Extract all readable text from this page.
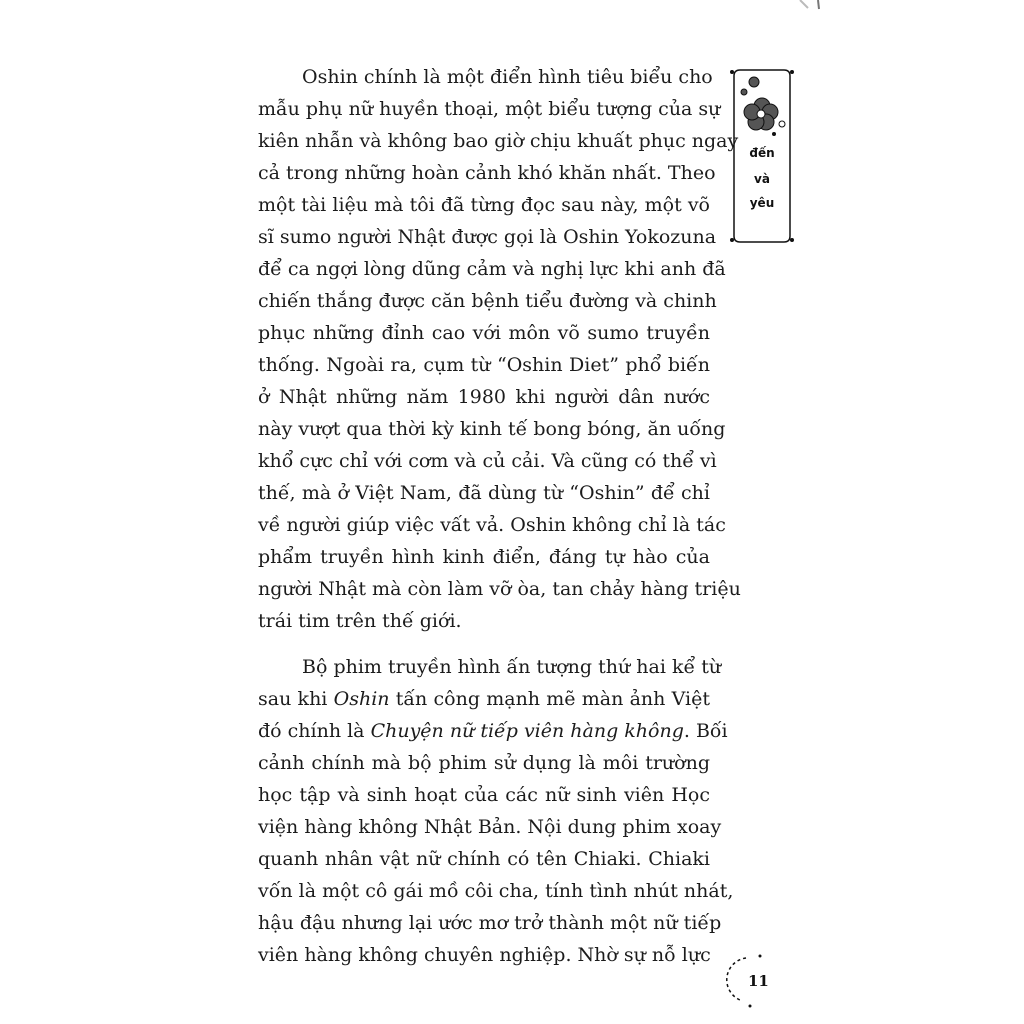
Oshin chính là một điển hình tiêu biểu cho
mẫu phụ nữ huyền thoại, một biểu tượng của sự
kiên nhẫn và không bao giờ chịu khuất phục ngay
cả trong những hoàn cảnh khó khăn nhất. Theo
một tài liệu mà tôi đã từng đọc sau này, một võ
sĩ sumo người Nhật được gọi là Oshin Yokozuna
để ca ngợi lòng dũng cảm và nghị lực khi anh đã
chiến thắng được căn bệnh tiểu đường và chinh
phục những đỉnh cao với môn võ sumo truyền
thống. Ngoài ra, cụm từ “Oshin Diet” phổ biến
ở Nhật những năm 1980 khi người dân nước
này vượt qua thời kỳ kinh tế bong bóng, ăn uống
khổ cực chỉ với cơm và củ cải. Và cũng có thể vì
thế, mà ở Việt Nam, đã dùng từ “Oshin” để chỉ
về người giúp việc vất vả. Oshin không chỉ là tác
phẩm truyền hình kinh điển, đáng tự hào của
người Nhật mà còn làm vỡ òa, tan chảy hàng triệu
trái tim trên thế giới.
Bộ phim truyền hình ấn tượng thứ hai kể từ
sau khi Oshin tấn công mạnh mẽ màn ảnh Việt
đó chính là Chuyện nữ tiếp viên hàng không. Bối
cảnh chính mà bộ phim sử dụng là môi trường
học tập và sinh hoạt của các nữ sinh viên Học
viện hàng không Nhật Bản. Nội dung phim xoay
quanh nhân vật nữ chính có tên Chiaki. Chiaki
vốn là một cô gái mồ côi cha, tính tình nhút nhát,
hậu đậu nhưng lại ước mơ trở thành một nữ tiếp
viên hàng không chuyên nghiệp. Nhờ sự nỗ lực
đến
và
yêu
11
